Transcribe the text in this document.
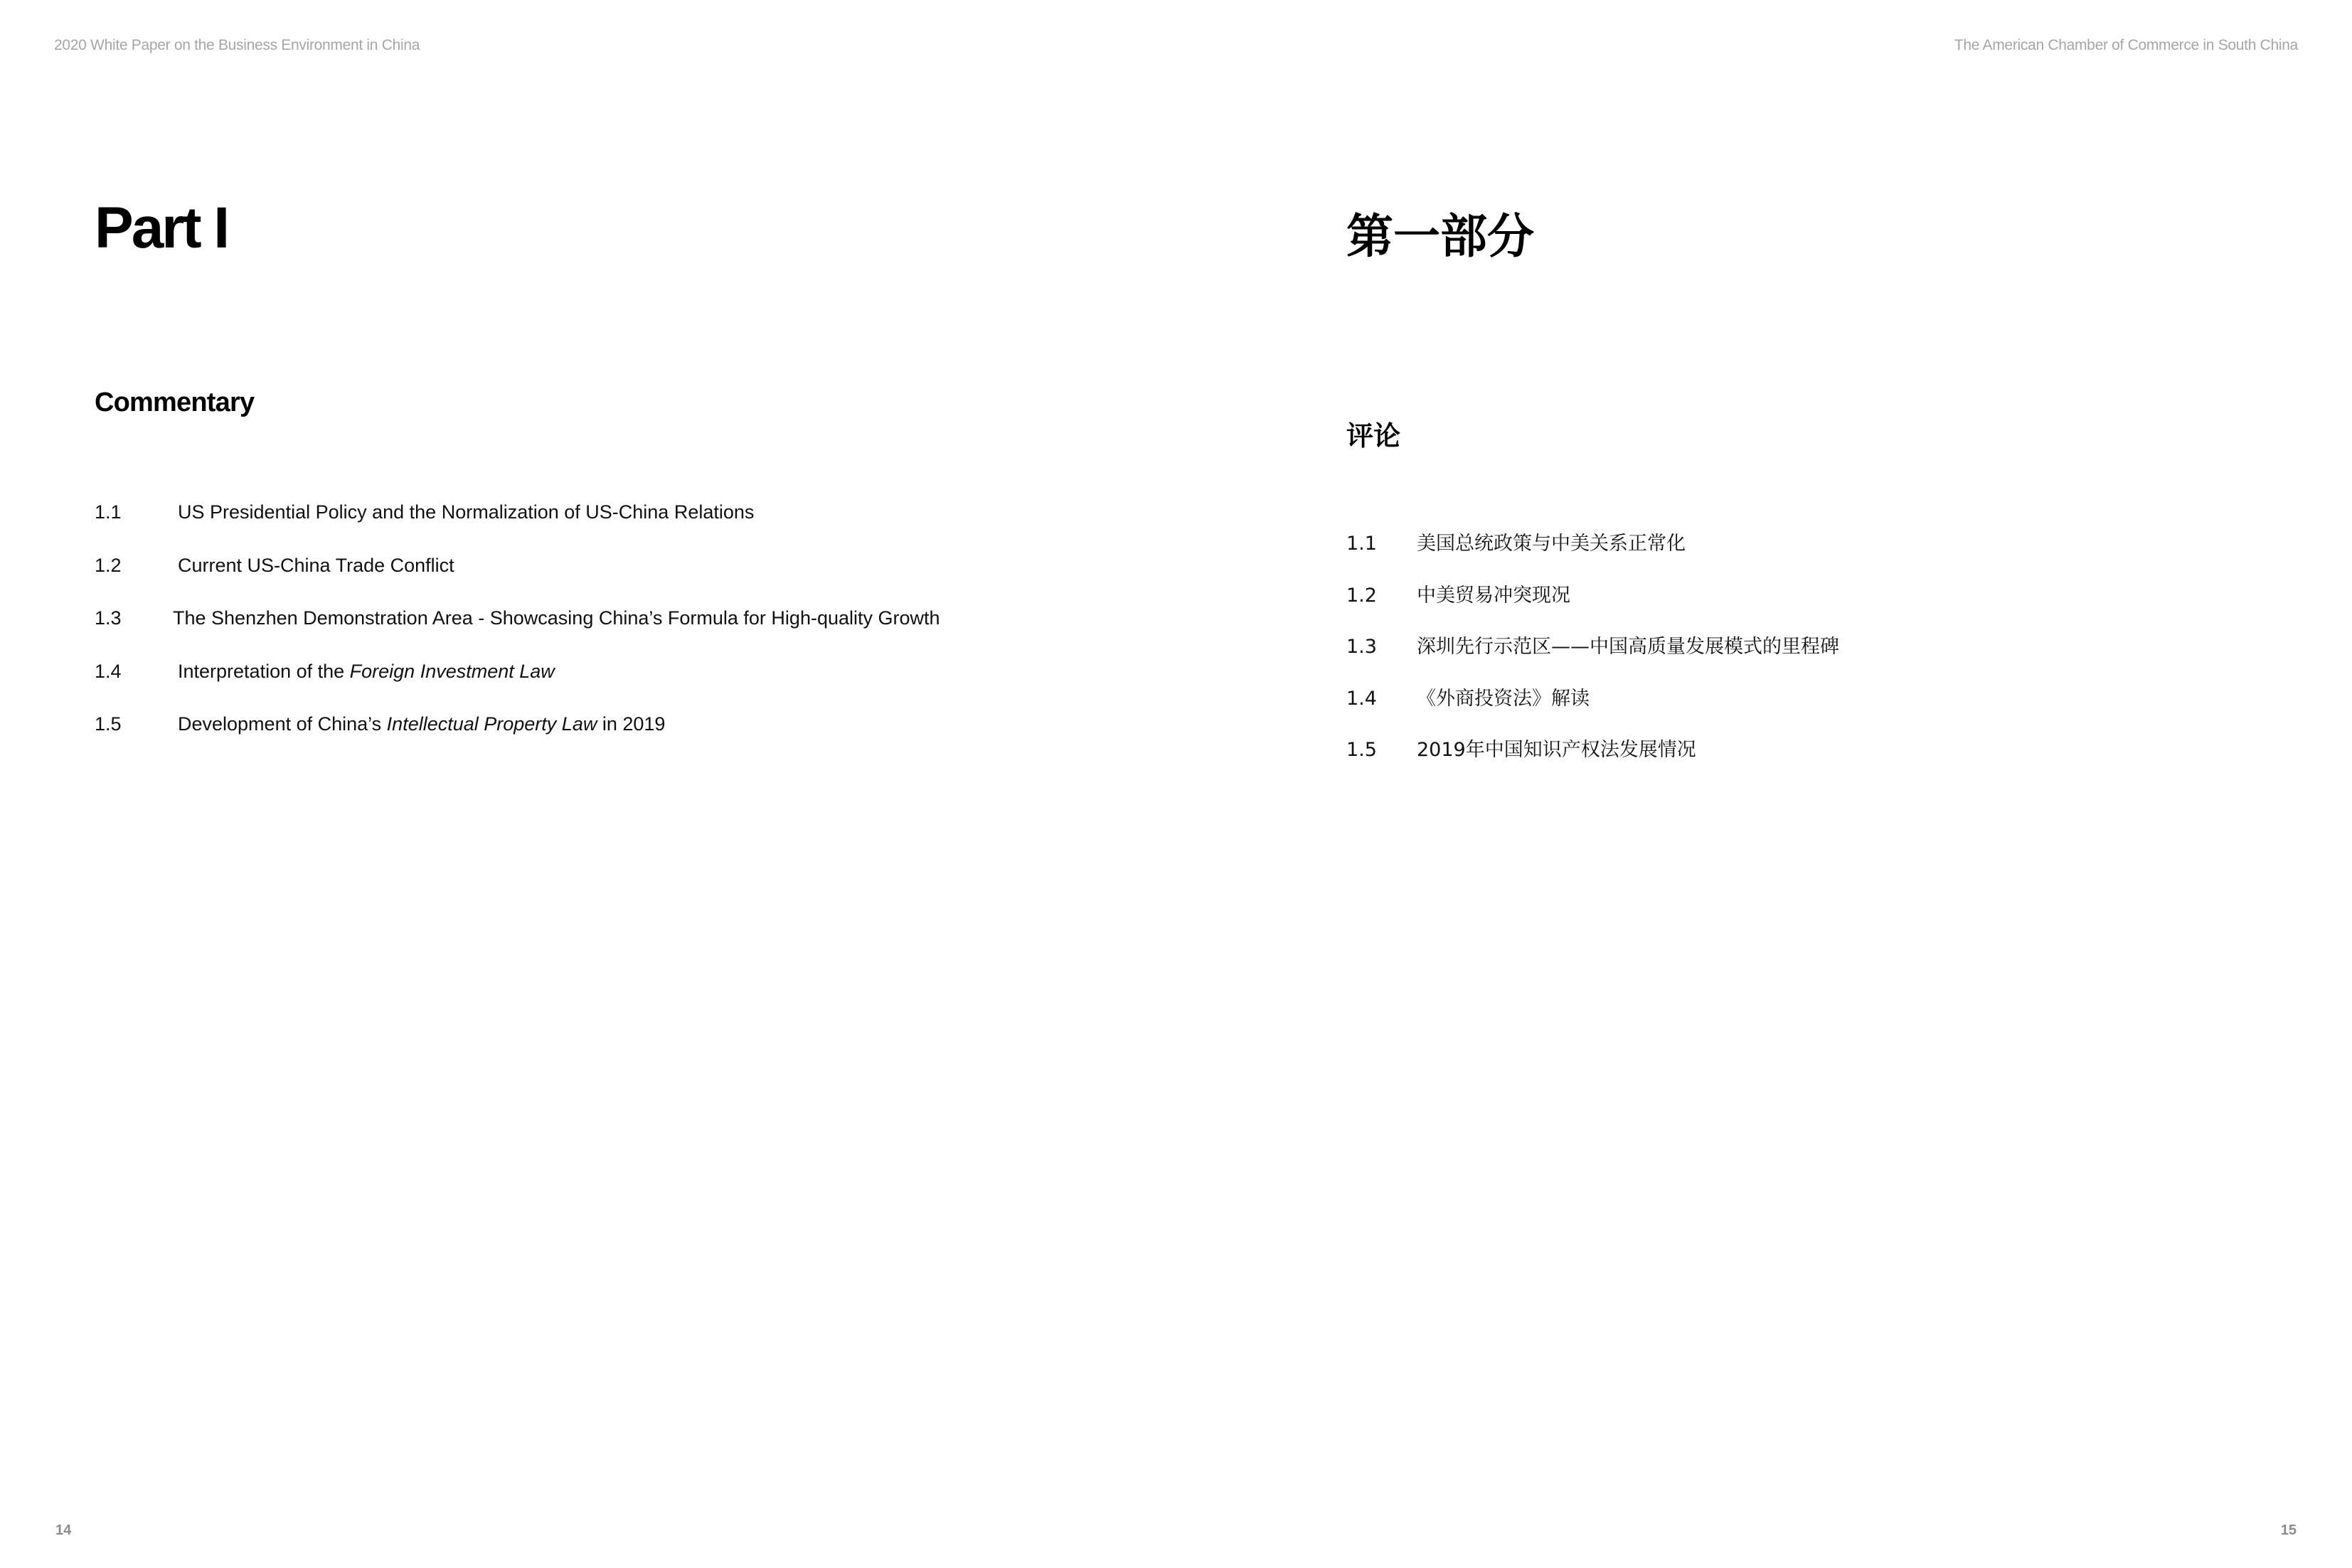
2020 White Paper on the Business Environment in China	The American Chamber of Commerce in South China
Part I	第一部分
Commentary
评论
1.1	US Presidential Policy and the Normalization of US-China Relations
1.2	Current US-China Trade Conflict
1.3	The Shenzhen Demonstration Area - Showcasing China’s Formula for High-quality Growth
1.4	Interpretation of the Foreign Investment Law
1.5	Development of China’s Intellectual Property Law in 2019
1.1 美国总统政策与中美关系正常化
1.2 中美贸易冲突现况
1.3 深圳先行示范区——中国高质量发展模式的里程碑
1.4 《外商投资法》解读
1.5 2019年中国知识产权法发展情况
14	15
